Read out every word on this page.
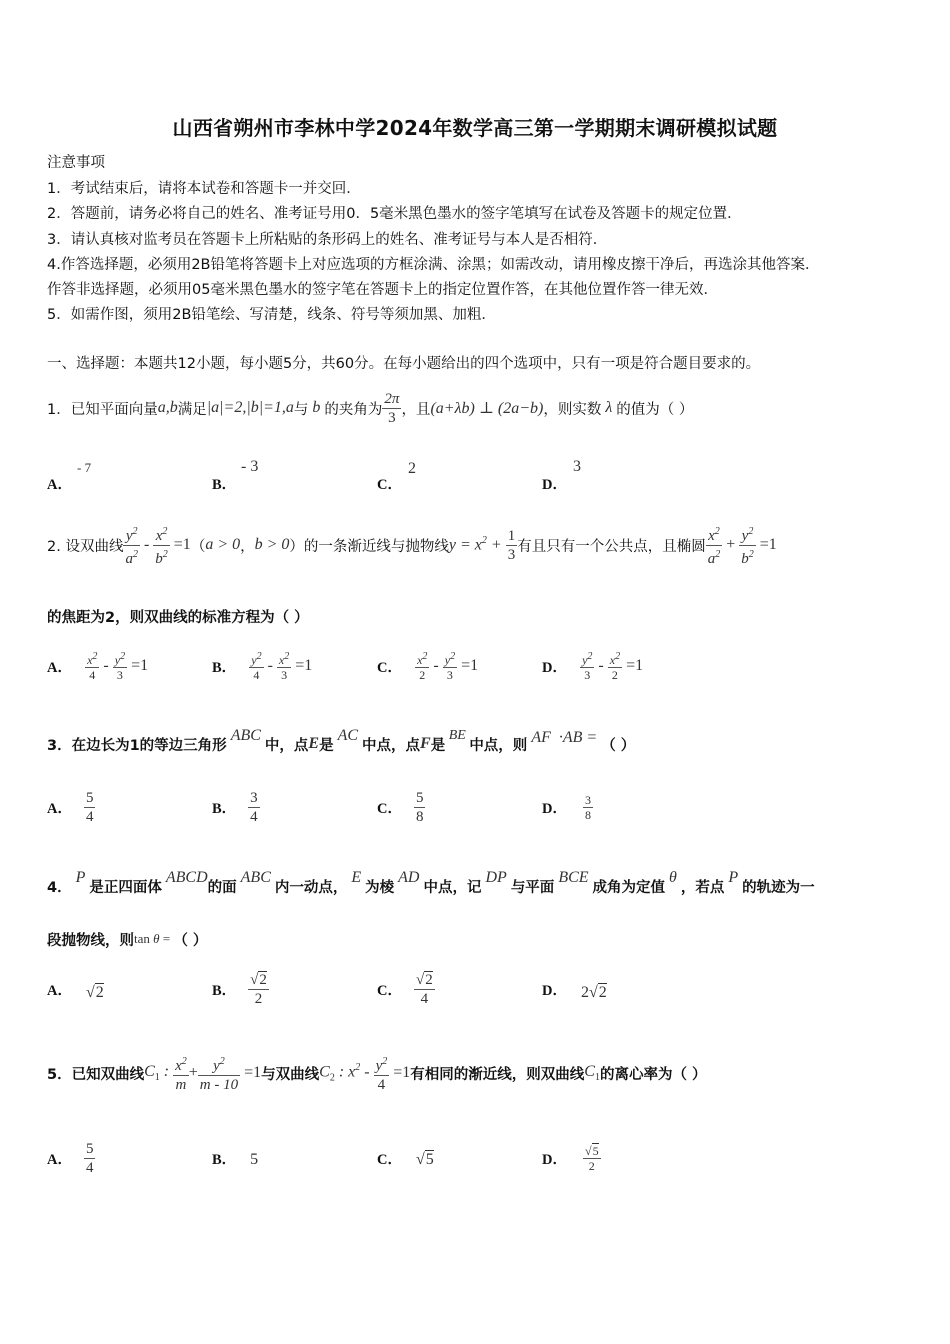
山西省朔州市李林中学2024年数学高三第一学期期末调研模拟试题
注意事项
1．考试结束后，请将本试卷和答题卡一并交回．
2．答题前，请务必将自己的姓名、准考证号用0．5毫米黑色墨水的签字笔填写在试卷及答题卡的规定位置．
3．请认真核对监考员在答题卡上所粘贴的条形码上的姓名、准考证号与本人是否相符．
4.作答选择题，必须用2B铅笔将答题卡上对应选项的方框涂满、涂黑；如需改动，请用橡皮擦干净后，再选涂其他答案．
作答非选择题，必须用05毫米黑色墨水的签字笔在答题卡上的指定位置作答，在其他位置作答一律无效．
5．如需作图，须用2B铅笔绘、写清楚，线条、符号等须加黑、加粗．
一、选择题：本题共12小题，每小题5分，共60分。在每小题给出的四个选项中，只有一项是符合题目要求的。
1．已知平面向量 a,b 满足 |a|=2,|b|=1,a 与 b 的夹角为
2π
3 ，且 (a+λb) ⊥ (2a−b) ，则实数 λ 的值为（ ）
A．
- 7
B．
- 3
C．
2
D．
3
2. 设双曲线
$y^2$
$a^2$
- $\frac{x^2}{b^2} =1$ （ a > 0 ， b > 0 ）的一条渐近线与抛物线 $y = x^2 + \frac{1}{3}$ 有且只有一个公共点，且椭圆
$x^2$
$a^2$
+ $\frac{y^2}{b^2} =1$
的焦距为2，则双曲线的标准方程为（ ）
A．
$x^2$
4
- $\frac{y^2}{3} =1$	B．
$y^2$
4
- $\frac{x^2}{3} =1$	C．
$x^2$
2
- $\frac{y^2}{3} =1$	D．
$y^2$
3
- $\frac{x^2}{2} =1$
3．在边长为1的等边三角形
ABC
中，点 E 是
AC
中点，点 F 是
BE
中点，则 AF  ·AB = （ ）
A．
5
4	B．
3
4	C．
5
8	D．
3
8
4．
P
是正四面体
ABCD
的面
ABC
内一动点，
E
为棱
AD
中点，记
DP
与平面
BCE
成角为定值
θ
，若点
P
的轨迹为一
段抛物线，则 tan θ = （ ）
A． √2	B．
√2
2	C．
√2
4	D． 2√2
5．已知双曲线 $C_1$ : $x^2$
m
+ $\frac{y^2}{m - 10} =1$ 与双曲线 $C_2$ : $x^2 - \frac{y^2}{4} =1$ 有相同的渐近线，则双曲线 $C_1$ 的离心率为（ ）
A．
5
4	B． 5	C． √5	D．
√5
2
